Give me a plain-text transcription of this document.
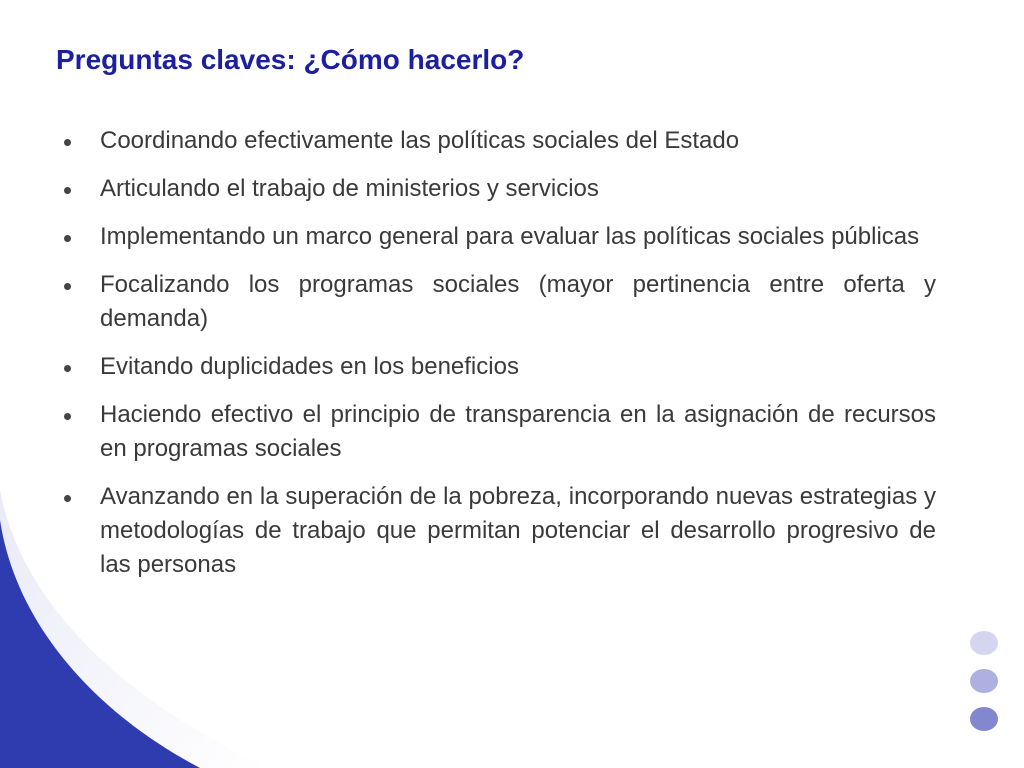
Preguntas claves: ¿Cómo hacerlo?
Coordinando efectivamente las políticas sociales del Estado
Articulando el trabajo de ministerios y servicios
Implementando un marco general para evaluar las políticas sociales públicas
Focalizando los programas sociales (mayor pertinencia entre oferta y demanda)
Evitando duplicidades en los beneficios
Haciendo efectivo el principio de transparencia en la asignación de recursos en programas sociales
Avanzando en la superación de la pobreza, incorporando nuevas estrategias y metodologías de trabajo que permitan potenciar el desarrollo progresivo de las personas
